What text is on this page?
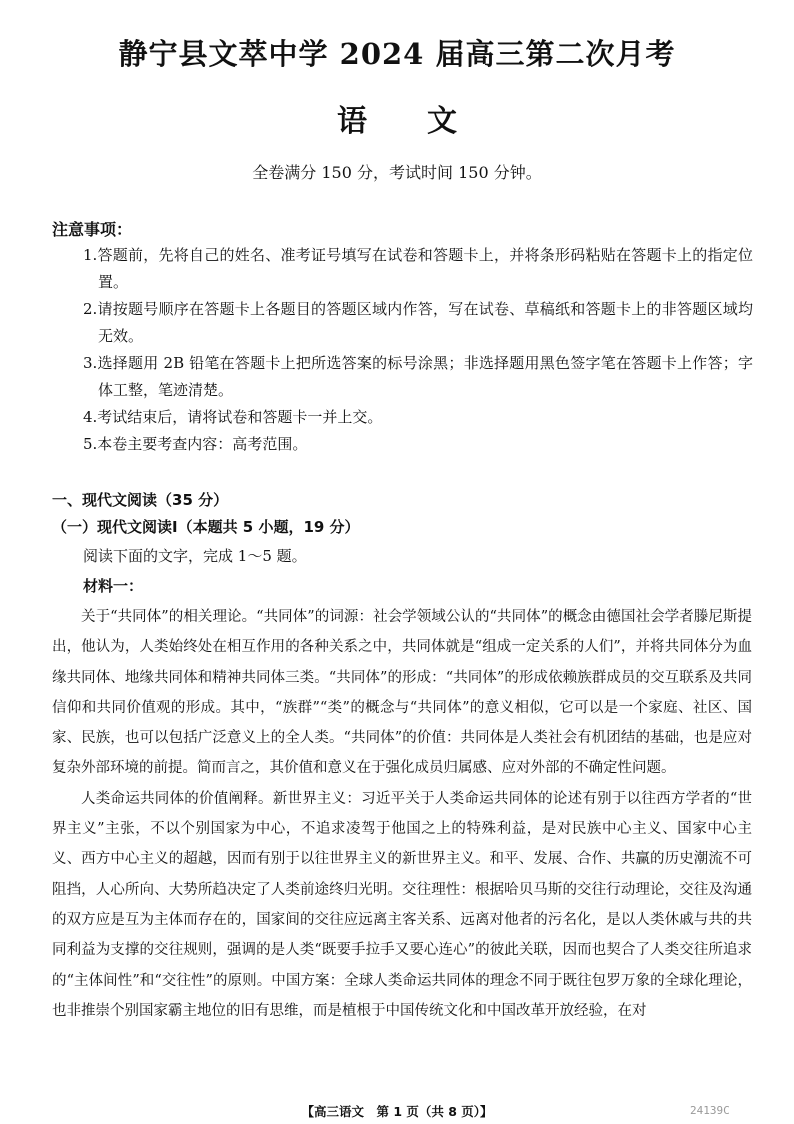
静宁县文萃中学 2024 届高三第二次月考
语文
全卷满分 150 分，考试时间 150 分钟。
注意事项：
1.答题前，先将自己的姓名、准考证号填写在试卷和答题卡上，并将条形码粘贴在答题卡上的指定位置。
2.请按题号顺序在答题卡上各题目的答题区域内作答，写在试卷、草稿纸和答题卡上的非答题区域均无效。
3.选择题用 2B 铅笔在答题卡上把所选答案的标号涂黑；非选择题用黑色签字笔在答题卡上作答；字体工整，笔迹清楚。
4.考试结束后，请将试卷和答题卡一并上交。
5.本卷主要考查内容：高考范围。
一、现代文阅读（35 分）
（一）现代文阅读Ⅰ（本题共 5 小题，19 分）
阅读下面的文字，完成 1～5 题。
材料一：

关于“共同体”的相关理论。“共同体”的词源：社会学领域公认的“共同体”的概念由德国社会学者滕尼斯提出，他认为，人类始终处在相互作用的各种关系之中，共同体就是“组成一定关系的人们”，并将共同体分为血缘共同体、地缘共同体和精神共同体三类。“共同体”的形成：“共同体”的形成依赖族群成员的交互联系及共同信仰和共同价值观的形成。其中，“族群”“类”的概念与“共同体”的意义相似，它可以是一个家庭、社区、国家、民族，也可以包括广泛意义上的全人类。“共同体”的价值：共同体是人类社会有机团结的基础，也是应对复杂外部环境的前提。简而言之，其价值和意义在于强化成员归属感、应对外部的不确定性问题。

人类命运共同体的价值阐释。新世界主义：习近平关于人类命运共同体的论述有别于以往西方学者的“世界主义”主张，不以个别国家为中心，不追求凌驾于他国之上的特殊利益，是对民族中心主义、国家中心主义、西方中心主义的超越，因而有别于以往世界主义的新世界主义。和平、发展、合作、共赢的历史潮流不可阻挡，人心所向、大势所趋决定了人类前途终归光明。交往理性：根据哈贝马斯的交往行动理论，交往及沟通的双方应是互为主体而存在的，国家间的交往应远离主客关系、远离对他者的污名化，是以人类休戚与共的共同利益为支撑的交往规则，强调的是人类“既要手拉手又要心连心”的彼此关联，因而也契合了人类交往所追求的“主体间性”和“交往性”的原则。中国方案：全球人类命运共同体的理念不同于既往包罗万象的全球化理论，也非推崇个别国家霸主地位的旧有思维，而是植根于中国传统文化和中国改革开放经验，在对

【高三语文　第 1 页（共 8 页）】	24139C
